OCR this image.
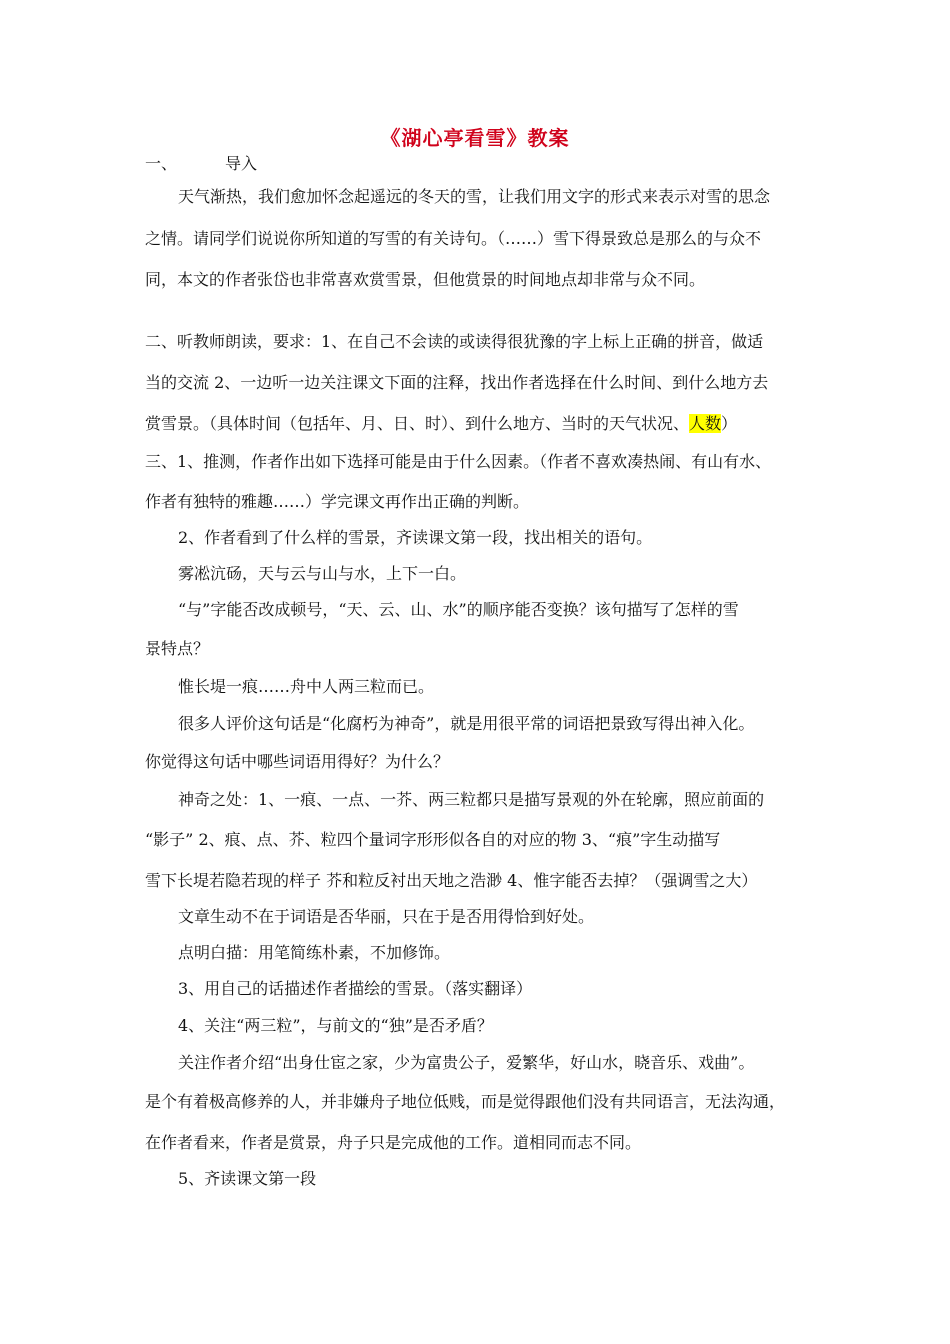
《湖心亭看雪》教案
一、	导入
天气渐热，我们愈加怀念起遥远的冬天的雪，让我们用文字的形式来表示对雪的思念
之情。请同学们说说你所知道的写雪的有关诗句。（……）雪下得景致总是那么的与众不
同，本文的作者张岱也非常喜欢赏雪景，但他赏景的时间地点却非常与众不同。
二、听教师朗读，要求：1、在自己不会读的或读得很犹豫的字上标上正确的拼音，做适
当的交流 2、一边听一边关注课文下面的注释，找出作者选择在什么时间、到什么地方去
赏雪景。（具体时间（包括年、月、日、时）、到什么地方、当时的天气状况、人数）
三、1、推测，作者作出如下选择可能是由于什么因素。（作者不喜欢凑热闹、有山有水、
作者有独特的雅趣……）学完课文再作出正确的判断。
2、作者看到了什么样的雪景，齐读课文第一段，找出相关的语句。
雾凇沆砀，天与云与山与水，上下一白。
“与”字能否改成顿号，“天、云、山、水”的顺序能否变换？该句描写了怎样的雪
景特点？
惟长堤一痕……舟中人两三粒而已。
很多人评价这句话是“化腐朽为神奇”，就是用很平常的词语把景致写得出神入化。
你觉得这句话中哪些词语用得好？为什么？
神奇之处：1、一痕、一点、一芥、两三粒都只是描写景观的外在轮廓，照应前面的
“影子” 2、痕、点、芥、粒四个量词字形形似各自的对应的物 3、“痕”字生动描写
雪下长堤若隐若现的样子 芥和粒反衬出天地之浩渺 4、惟字能否去掉？（强调雪之大）
文章生动不在于词语是否华丽，只在于是否用得恰到好处。
点明白描：用笔简练朴素，不加修饰。
3、用自己的话描述作者描绘的雪景。（落实翻译）
4、关注“两三粒”，与前文的“独”是否矛盾？
关注作者介绍“出身仕宦之家，少为富贵公子，爱繁华，好山水，晓音乐、戏曲”。
是个有着极高修养的人，并非嫌舟子地位低贱，而是觉得跟他们没有共同语言，无法沟通，
在作者看来，作者是赏景，舟子只是完成他的工作。道相同而志不同。
5、齐读课文第一段
